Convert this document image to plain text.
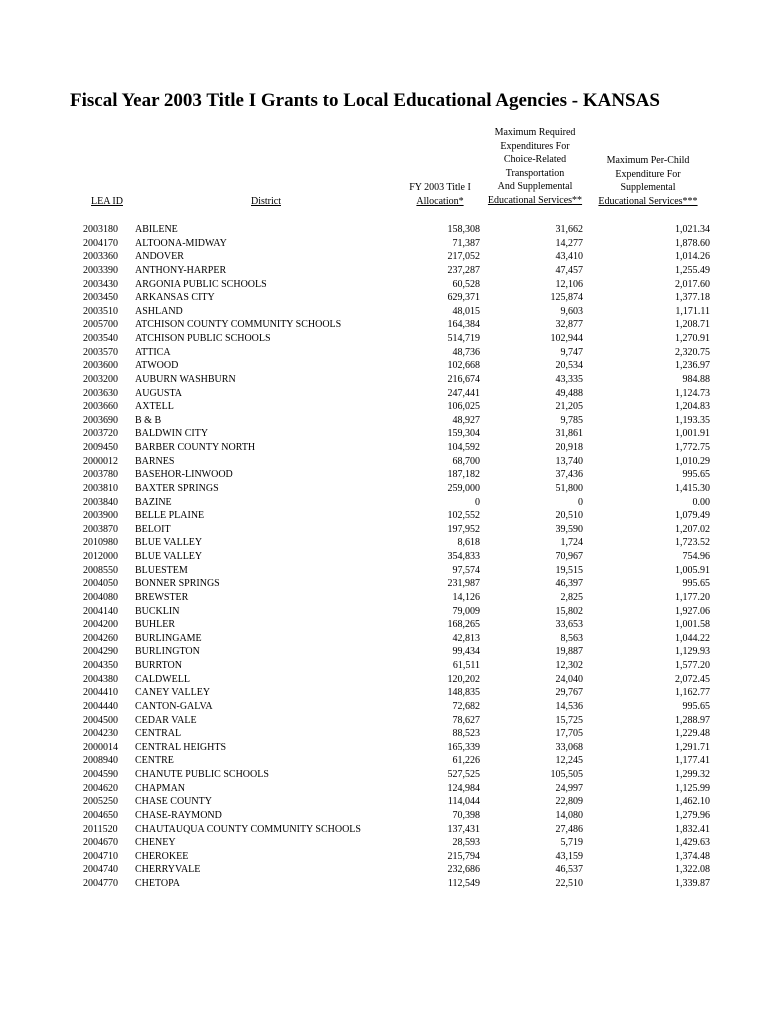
Fiscal Year 2003 Title I Grants to Local Educational Agencies - KANSAS
LEA ID	District
FY 2003 Title I
Allocation*
Maximum Required
Expenditures For
Choice-Related
Transportation
And Supplemental
Educational Services**
Maximum Per-Child
Expenditure For
Supplemental
Educational Services***
2003180 ABILENE	158,308	31,662	1,021.34
2004170 ALTOONA-MIDWAY	71,387	14,277	1,878.60
2003360 ANDOVER	217,052	43,410	1,014.26
2003390 ANTHONY-HARPER	237,287	47,457	1,255.49
2003430 ARGONIA PUBLIC SCHOOLS	60,528	12,106	2,017.60
2003450 ARKANSAS CITY	629,371	125,874	1,377.18
2003510 ASHLAND	48,015	9,603	1,171.11
2005700 ATCHISON COUNTY COMMUNITY SCHOOLS	164,384	32,877	1,208.71
2003540 ATCHISON PUBLIC SCHOOLS	514,719	102,944	1,270.91
2003570 ATTICA	48,736	9,747	2,320.75
2003600 ATWOOD	102,668	20,534	1,236.97
2003200 AUBURN WASHBURN	216,674	43,335	984.88
2003630 AUGUSTA	247,441	49,488	1,124.73
2003660 AXTELL	106,025	21,205	1,204.83
2003690 B & B	48,927	9,785	1,193.35
2003720 BALDWIN CITY	159,304	31,861	1,001.91
2009450 BARBER COUNTY NORTH	104,592	20,918	1,772.75
2000012 BARNES	68,700	13,740	1,010.29
2003780 BASEHOR-LINWOOD	187,182	37,436	995.65
2003810 BAXTER SPRINGS	259,000	51,800	1,415.30
2003840 BAZINE	0	0	0.00
2003900 BELLE PLAINE	102,552	20,510	1,079.49
2003870 BELOIT	197,952	39,590	1,207.02
2010980 BLUE VALLEY	8,618	1,724	1,723.52
2012000 BLUE VALLEY	354,833	70,967	754.96
2008550 BLUESTEM	97,574	19,515	1,005.91
2004050 BONNER SPRINGS	231,987	46,397	995.65
2004080 BREWSTER	14,126	2,825	1,177.20
2004140 BUCKLIN	79,009	15,802	1,927.06
2004200 BUHLER	168,265	33,653	1,001.58
2004260 BURLINGAME	42,813	8,563	1,044.22
2004290 BURLINGTON	99,434	19,887	1,129.93
2004350 BURRTON	61,511	12,302	1,577.20
2004380 CALDWELL	120,202	24,040	2,072.45
2004410 CANEY VALLEY	148,835	29,767	1,162.77
2004440 CANTON-GALVA	72,682	14,536	995.65
2004500 CEDAR VALE	78,627	15,725	1,288.97
2004230 CENTRAL	88,523	17,705	1,229.48
2000014 CENTRAL HEIGHTS	165,339	33,068	1,291.71
2008940 CENTRE	61,226	12,245	1,177.41
2004590 CHANUTE PUBLIC SCHOOLS	527,525	105,505	1,299.32
2004620 CHAPMAN	124,984	24,997	1,125.99
2005250 CHASE COUNTY	114,044	22,809	1,462.10
2004650 CHASE-RAYMOND	70,398	14,080	1,279.96
2011520 CHAUTAUQUA COUNTY COMMUNITY SCHOOLS	137,431	27,486	1,832.41
2004670 CHENEY	28,593	5,719	1,429.63
2004710 CHEROKEE	215,794	43,159	1,374.48
2004740 CHERRYVALE	232,686	46,537	1,322.08
2004770 CHETOPA	112,549	22,510	1,339.87
